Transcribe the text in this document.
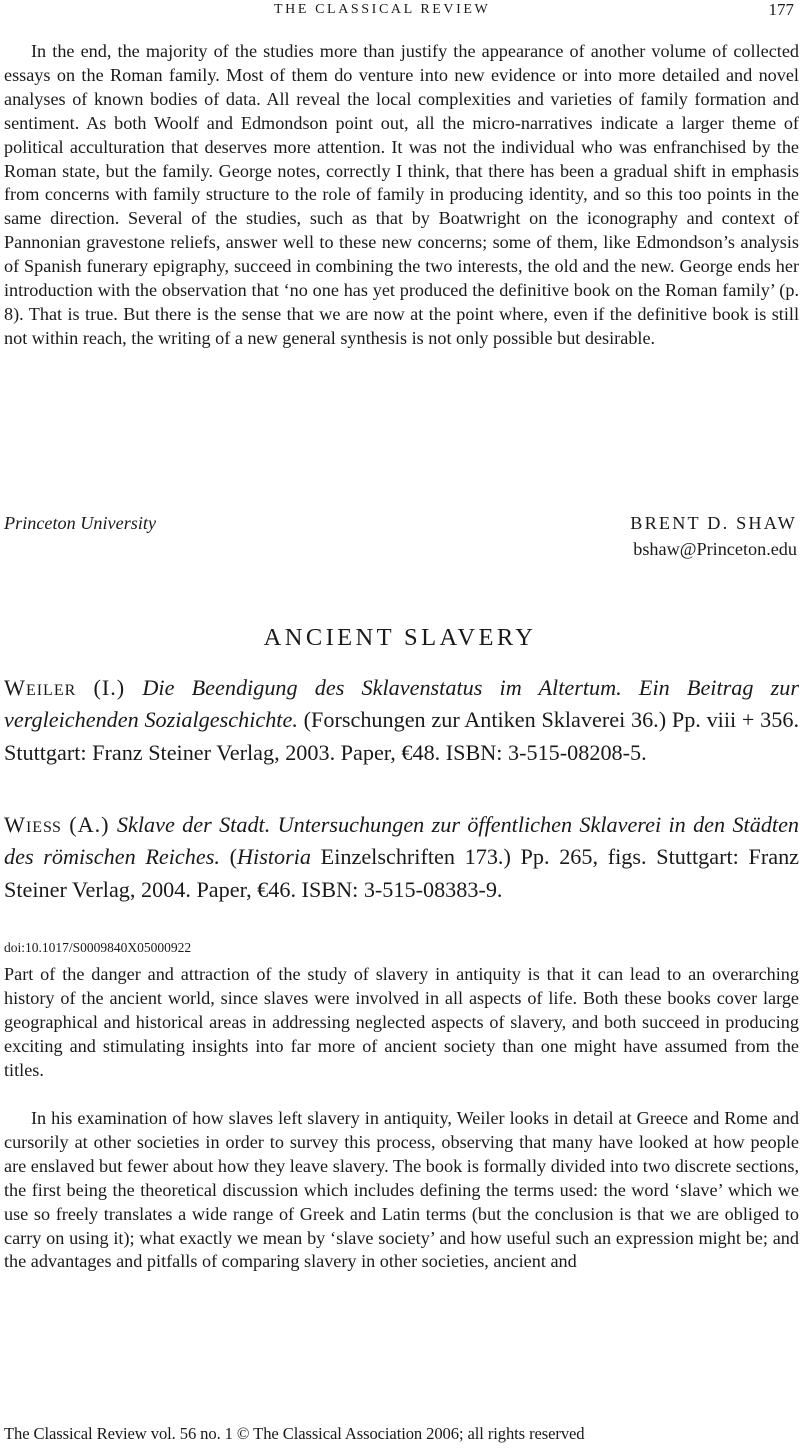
THE CLASSICAL REVIEW	177

In the end, the majority of the studies more than justify the appearance of another volume of collected essays on the Roman family. Most of them do venture into new evidence or into more detailed and novel analyses of known bodies of data. All reveal the local complexities and varieties of family formation and sentiment. As both Woolf and Edmondson point out, all the micro-narratives indicate a larger theme of political acculturation that deserves more attention. It was not the individual who was enfranchised by the Roman state, but the family. George notes, correctly I think, that there has been a gradual shift in emphasis from concerns with family structure to the role of family in producing identity, and so this too points in the same direction. Several of the studies, such as that by Boatwright on the iconography and context of Pannonian gravestone reliefs, answer well to these new concerns; some of them, like Edmondson’s analysis of Spanish funerary epigraphy, succeed in combining the two interests, the old and the new. George ends her introduction with the observation that ‘no one has yet produced the definitive book on the Roman family’ (p. 8). That is true. But there is the sense that we are now at the point where, even if the definitive book is still not within reach, the writing of a new general synthesis is not only possible but desirable.

Princeton University	BRENT D. SHAW
bshaw@Princeton.edu
ANCIENT SLAVERY

Weiler (I.) Die Beendigung des Sklavenstatus im Altertum. Ein Beitrag zur vergleichenden Sozialgeschichte. (Forschungen zur Antiken Sklaverei 36.) Pp. viii + 356. Stuttgart: Franz Steiner Verlag, 2003. Paper, €48. ISBN: 3-515-08208-5.

Wieß (A.) Sklave der Stadt. Untersuchungen zur öffentlichen Sklaverei in den Städten des römischen Reiches. (Historia Einzelschriften 173.) Pp. 265, figs. Stuttgart: Franz Steiner Verlag, 2004. Paper, €46. ISBN: 3-515-08383-9.

doi:10.1017/S0009840X05000922

Part of the danger and attraction of the study of slavery in antiquity is that it can lead to an overarching history of the ancient world, since slaves were involved in all aspects of life. Both these books cover large geographical and historical areas in addressing neglected aspects of slavery, and both succeed in producing exciting and stimulating insights into far more of ancient society than one might have assumed from the titles.

In his examination of how slaves left slavery in antiquity, Weiler looks in detail at Greece and Rome and cursorily at other societies in order to survey this process, observing that many have looked at how people are enslaved but fewer about how they leave slavery. The book is formally divided into two discrete sections, the first being the theoretical discussion which includes defining the terms used: the word ‘slave’ which we use so freely translates a wide range of Greek and Latin terms (but the conclusion is that we are obliged to carry on using it); what exactly we mean by ‘slave society’ and how useful such an expression might be; and the advantages and pitfalls of comparing slavery in other societies, ancient and

The Classical Review vol. 56 no. 1 © The Classical Association 2006; all rights reserved
